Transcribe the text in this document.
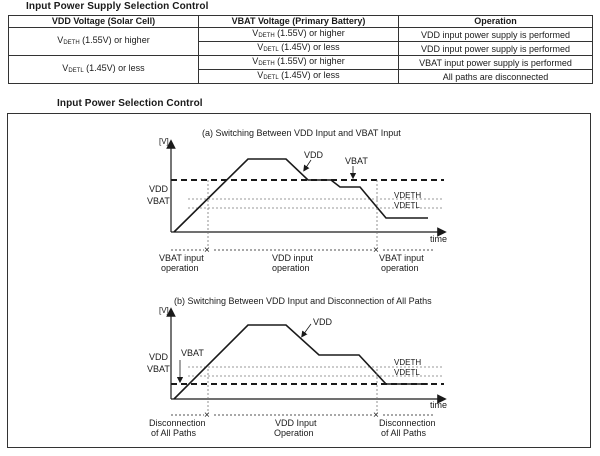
Input Power Supply Selection Control
VDD Voltage (Solar Cell)	VBAT Voltage (Primary Battery)	Operation
$V_{DETH}$ (1.55V) or higher	$V_{DETH}$ (1.55V) or higher	VDD input power supply is performed
	$V_{DETL}$ (1.45V) or less	VDD input power supply is performed
$V_{DETL}$ (1.45V) or less	$V_{DETH}$ (1.55V) or higher	VBAT input power supply is performed
	$V_{DETL}$ (1.45V) or less	All paths are disconnected
Input Power Selection Control
(a) Switching Between VDD Input and VBAT Input
[V]
time
VDD
VBAT
VDETH
VDETL
VDD
VBAT
×	×
VBAT input
operation
VDD input
operation
VBAT input
operation
(b) Switching Between VDD Input and Disconnection of All Paths
[V]
time
VDD
VBAT
VDETH
VDETL
VBAT
VDD
×	×
Disconnection
of All Paths
VDD Input
Operation
Disconnection
of All Paths
